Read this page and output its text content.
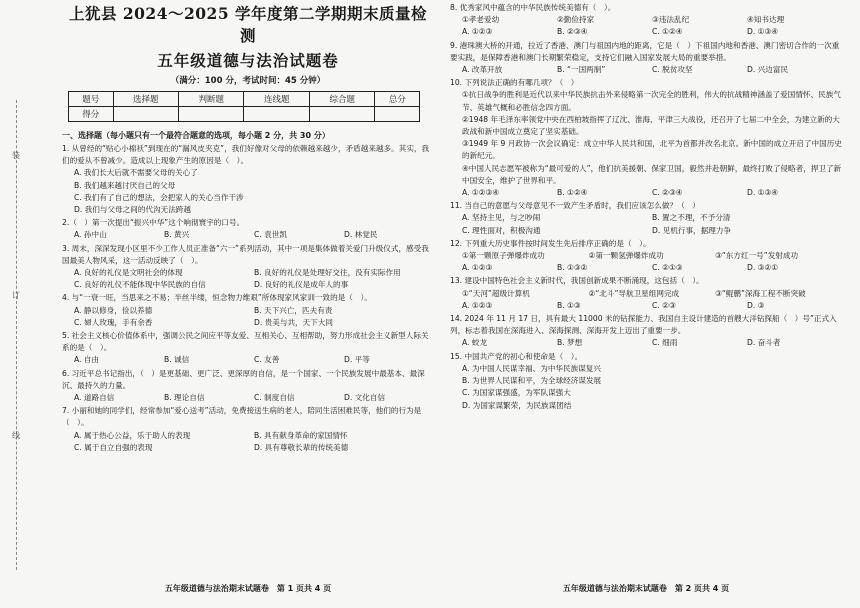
装
订
线
上犹县 2024～2025 学年度第二学期期末质量检测
五年级道德与法治试题卷
（满分：100 分，考试时间：45 分钟）
题号	选择题	判断题	连线题	综合题	总分
得分					
一、选择题（每小题只有一个最符合题意的选项，每小题 2 分，共 30 分）
1. 从曾经的“贴心小棉袄”到现在的“漏风皮夹克”，我们好像对父母的依赖越来越少，矛盾越来越多。其实，我们的爱从不曾减少。造成以上现象产生的原因是（　）。
A. 我们长大后就不需要父母的关心了
B. 我们越来越讨厌自己的父母
C. 我们有了自己的想法，会把家人的关心当作干涉
D. 我们与父母之间的代沟无法跨越
2.（　）第一次提出“振兴中华”这个响彻寰宇的口号。
A. 孙中山	B. 黄兴	C. 袁世凯	D. 林觉民
3. 周末，深深发现小区里不少工作人员正准备“六一”系列活动，其中一项是集体做着关爱门升级仪式，感受我国最美人物风采，这一活动反映了（　）。
A. 良好的礼仪是文明社会的体现	B. 良好的礼仪是处理好交往，没有实际作用
C. 良好的礼仪不能体现中华民族的自信	D. 良好的礼仪是成年人的事
4. 与“一衰一旺，当思来之不易；半丝半缕，恒念物力维艰”所体现家风家训一致的是（　）。
A. 静以修身，俭以养德	B. 天下兴亡，匹夫有责
C. 婦人玫瑰，手有余香	D. 贵美与共，天下大同
5. 社会主义核心价值体系中，强调公民之间应平等友爱、互相关心、互相帮助，努力形成社会主义新型人际关系的是（　）。
A. 自由	B. 诚信	C. 友善	D. 平等
6. 习近平总书记指出，（　）是更基础、更广泛、更深厚的自信，是一个国家、一个民族发展中最基本、最深沉、最持久的力量。
A. 道路自信	B. 理论自信	C. 制度自信	D. 文化自信
7. 小丽和她的同学们，经常参加“爱心送考”活动，免费接送生病的老人，陪同生活困难民等，他们的行为是（　）。
A. 属于热心公益，乐于助人的表现	B. 具有献身革命的家国情怀
C. 属于自立自强的表现	D. 具有尊敬长辈的传统美德
五年级道德与法治期末试题卷　第 1 页共 4 页
8. 优秀家风中蕴含的中华民族传统美德有（　）。
①孝老爱幼	②勤俭持家	③违法乱纪	④知书达理
A. ①②③	B. ②③④	C. ①②④	D. ①③④
9. 港珠澳大桥的开通，拉近了香港、澳门与祖国内地的距离，它是（　）下祖国内地和香港、澳门密切合作的一次重要实践，是保障香港和澳门长期繁荣稳定，支持它们融入国家发展大局的重要举措。
A. 改革开放	B. “一国两制”	C. 脱贫攻坚	D. 兴边富民
10. 下列说法正确的有哪几项？（　）
①抗日战争的胜利是近代以来中华民族抗击外来侵略第一次完全的胜利，伟大的抗战精神涵盖了爱国情怀、民族气节、英雄气概和必胜信念四方面。
②1948 年毛泽东率领党中央在西柏坡指挥了辽沈、淮海、平津三大战役，还召开了七届二中全会，为建立新的大政战和新中国成立奠定了坚实基础。
③1949 年 9 月政协一次会议确定：成立中华人民共和国，北平为首都并改名北京。新中国的成立开启了中国历史的新纪元。
④中国人民志愿军被称为“最可爱的人”，他们抗美援朝、保家卫国，毅然并赴朝鲜，最终打败了侵略者，捍卫了新中国安全，维护了世界和平。
A. ①②③④	B. ①②④	C. ②③④	D. ①③④
11. 当自己的意愿与父母意见不一致产生矛盾时，我们应该怎么做？（　）
A. 坚持主见，与之吵闹	B. 置之不理，不予分清
C. 理性面对，积极沟通	D. 见机行事，据理力争
12. 下列重大历史事件按时间发生先后排序正确的是（　）。
①第一颗原子弹爆炸成功	②第一颗氢弹爆炸成功	③“东方红一号”发射成功
A. ①②③	B. ①③②	C. ②①③	D. ③②①
13. 建设中国特色社会主义新时代，我国创新成果不断涌现，这包括（　）。
①“天河”超级计算机	②“北斗”导航卫星组网完成	③“鲲鹏”深海工程不断突破
A. ①②③	B. ①③	C. ②③	D. ③
14. 2024 年 11 月 17 日，具有最大 11000 米的钻探能力、我国自主设计建造的首艘大洋钻探船（　）号”正式入列，标志着我国在深海进入、深海探测、深海开发上迈出了重要一步。
A. 蛟龙	B. 梦想	C. 细雨	D. 奋斗者
15. 中国共产党的初心和使命是（　）。
A. 为中国人民谋幸福、为中华民族谋复兴
B. 为世界人民谋和平，为全球经济谋发展
C. 为国家谋强盛，为军队谋强大
D. 为国家谋繁荣，为民族谋团结
五年级道德与法治期末试题卷　第 2 页共 4 页
